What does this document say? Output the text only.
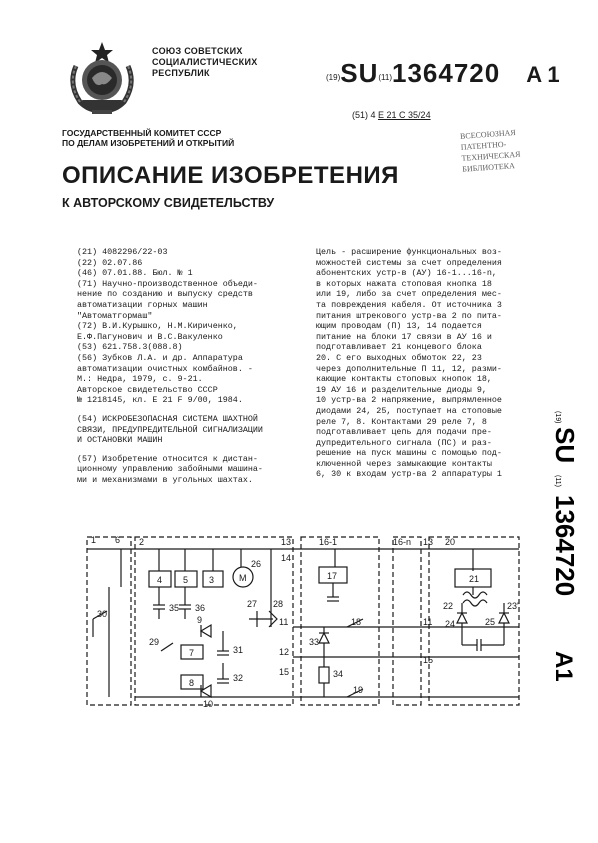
СОЮЗ СОВЕТСКИХ
СОЦИАЛИСТИЧЕСКИХ
РЕСПУБЛИК	(19)SU(11)1364720 A 1
(51) 4 E 21 C 35/24
ГОСУДАРСТВЕННЫЙ КОМИТЕТ СССР
ПО ДЕЛАМ ИЗОБРЕТЕНИЙ И ОТКРЫТИЙ
ВСЕСОЮЗНАЯ
ПАТЕНТНО-
ТЕХНИЧЕСКАЯ
БИБЛИОТЕКА
ОПИСАНИЕ ИЗОБРЕТЕНИЯ
К АВТОРСКОМУ СВИДЕТЕЛЬСТВУ
(21) 4082296/22-03
(22) 02.07.86
(46) 07.01.88. Бюл. № 1
(71) Научно-производственное объеди-
нение по созданию и выпуску средств
автоматизации горных машин
"Автоматгормаш"
(72) В.И.Курышко, Н.М.Кириченко,
Е.Ф.Пагунович и В.С.Вакуленко
(53) 621.758.3(088.8)
(56) Зубков Л.А. и др. Аппаратура
автоматизации очистных комбайнов. -
М.: Недра, 1979, с. 9-21.
Авторское свидетельство СССР
№ 1218145, кл. Е 21 F 9/00, 1984.
(54) ИСКРОБЕЗОПАСНАЯ СИСТЕМА ШАХТНОЙ
СВЯЗИ, ПРЕДУПРЕДИТЕЛЬНОЙ СИГНАЛИЗАЦИИ
И ОСТАНОВКИ МАШИН
(57) Изобретение относится к дистан-
ционному управлению забойными машина-
ми и механизмами в угольных шахтах.
Цель - расширение функциональных воз-
можностей системы за счет определения
абонентских устр-в (АУ) 16-1...16-n,
в которых нажата стоповая кнопка 18
или 19, либо за счет определения мес-
та повреждения кабеля. От источника 3
питания штрекового устр-ва 2 по пита-
ющим проводам (П) 13, 14 подается
питание на блоки 17 связи в АУ 16 и
подготавливает 21 концевого блока
20. С его выходных обмоток 22, 23
через дополнительные П 11, 12, разми-
кающие контакты стоповых кнопок 18,
19 АУ 16 и разделительные диоды 9,
10 устр-ва 2 напряжение, выпрямленное
диодами 24, 25, поступает на стоповые
реле 7, 8. Контактами 29 реле 7, 8
подготавливает цепь для подачи пре-
дупредительного сигнала (ПС) и раз-
решение на пуск машины с помощью под-
ключенной через замыкающие контакты
6, 30 к входам устр-ва 2 аппаратуры 1
(19)
SU
(11)
1364720
A1
M
1 6 2
4 5 3
26
13
14
35 36	27 28
9
30
29
7
8
10
31
32
11
12
15
16-1
17
18
33
34
19
16-n 13 20
21
22	23'
24	25
11
15
